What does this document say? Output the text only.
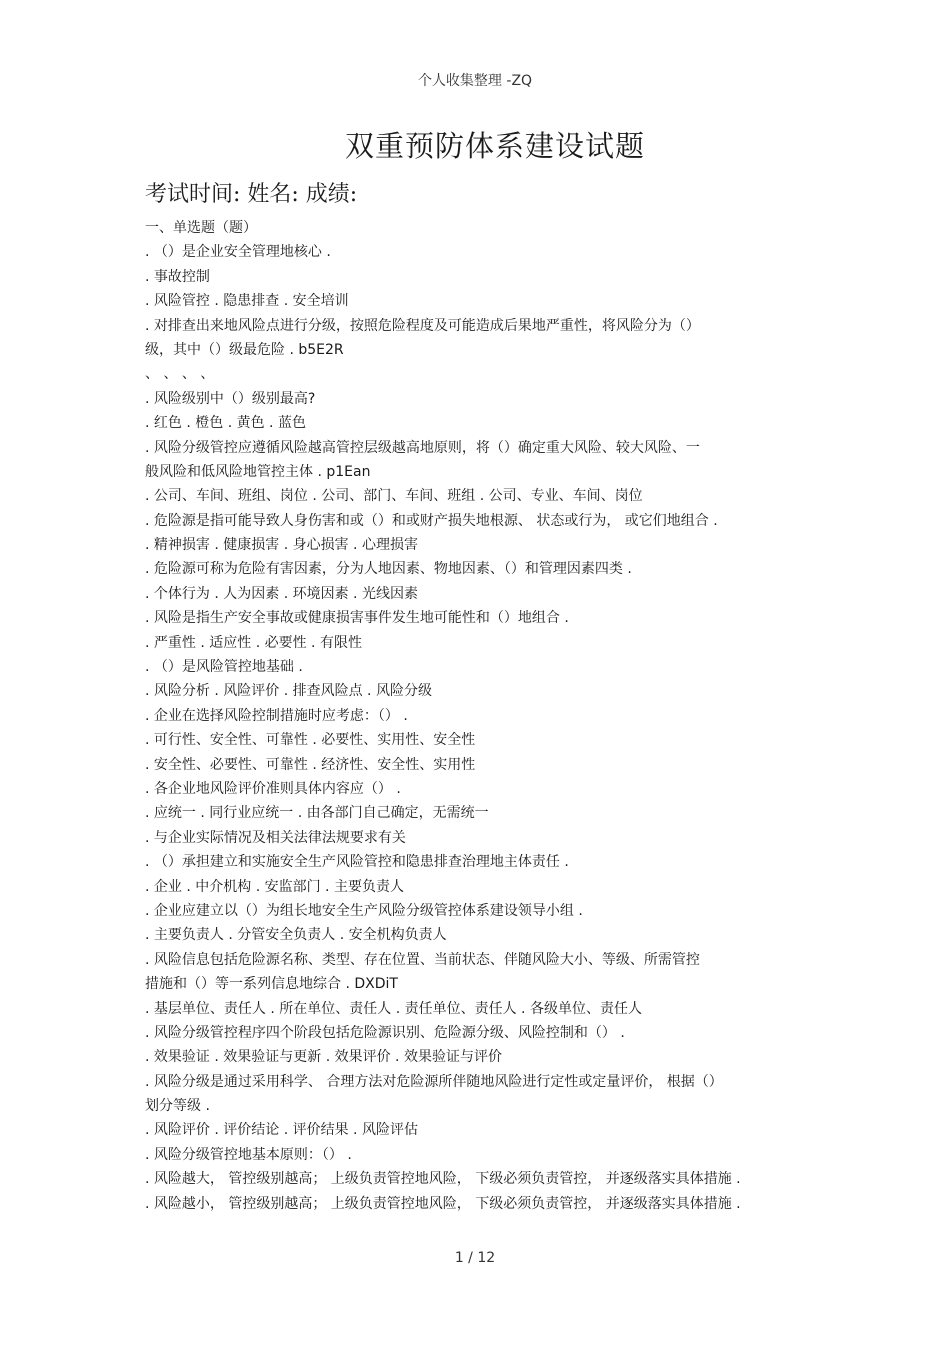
个人收集整理 -ZQ
双重预防体系建设试题
考试时间: 姓名: 成绩:
一、单选题（题）
. （）是企业安全管理地核心 .
. 事故控制
. 风险管控 . 隐患排查 . 安全培训
. 对排查出来地风险点进行分级，按照危险程度及可能造成后果地严重性，将风险分为（）
级，其中（）级最危险 . b5E2R
、 、 、 、
. 风险级别中（）级别最高?
. 红色 . 橙色 . 黄色 . 蓝色
. 风险分级管控应遵循风险越高管控层级越高地原则，将（）确定重大风险、较大风险、一
般风险和低风险地管控主体 . p1Ean
. 公司、车间、班组、岗位 . 公司、部门、车间、班组 . 公司、专业、车间、岗位
. 危险源是指可能导致人身伤害和或（）和或财产损失地根源、 状态或行为， 或它们地组合 .
. 精神损害 . 健康损害 . 身心损害 . 心理损害
. 危险源可称为危险有害因素，分为人地因素、物地因素、（）和管理因素四类 .
. 个体行为 . 人为因素 . 环境因素 . 光线因素
. 风险是指生产安全事故或健康损害事件发生地可能性和（）地组合 .
. 严重性 . 适应性 . 必要性 . 有限性
. （）是风险管控地基础 .
. 风险分析 . 风险评价 . 排查风险点 . 风险分级
. 企业在选择风险控制措施时应考虑：（） .
. 可行性、安全性、可靠性 . 必要性、实用性、安全性
. 安全性、必要性、可靠性 . 经济性、安全性、实用性
. 各企业地风险评价准则具体内容应（） .
. 应统一 . 同行业应统一 . 由各部门自己确定，无需统一
. 与企业实际情况及相关法律法规要求有关
. （）承担建立和实施安全生产风险管控和隐患排查治理地主体责任 .
. 企业 . 中介机构 . 安监部门 . 主要负责人
. 企业应建立以（）为组长地安全生产风险分级管控体系建设领导小组 .
. 主要负责人 . 分管安全负责人 . 安全机构负责人
. 风险信息包括危险源名称、类型、存在位置、当前状态、伴随风险大小、等级、所需管控
措施和（）等一系列信息地综合 . DXDiT
. 基层单位、责任人 . 所在单位、责任人 . 责任单位、责任人 . 各级单位、责任人
. 风险分级管控程序四个阶段包括危险源识别、危险源分级、风险控制和（） .
. 效果验证 . 效果验证与更新 . 效果评价 . 效果验证与评价
. 风险分级是通过采用科学、 合理方法对危险源所伴随地风险进行定性或定量评价， 根据（）
划分等级 .
. 风险评价 . 评价结论 . 评价结果 . 风险评估
. 风险分级管控地基本原则：（） .
. 风险越大， 管控级别越高； 上级负责管控地风险， 下级必须负责管控， 并逐级落实具体措施 .
. 风险越小， 管控级别越高； 上级负责管控地风险， 下级必须负责管控， 并逐级落实具体措施 .
1 / 12
